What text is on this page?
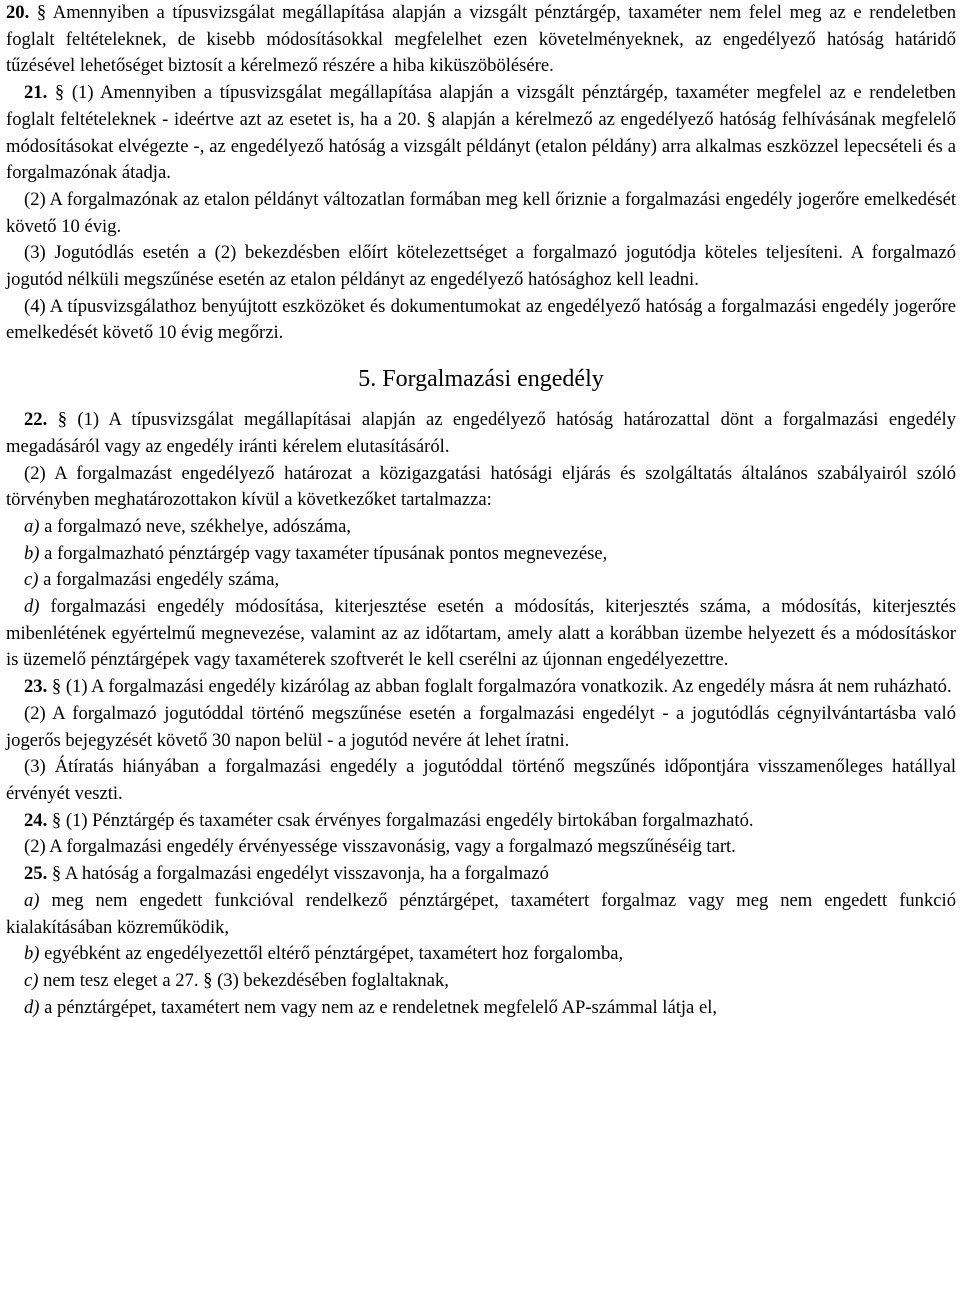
20. § Amennyiben a típusvizsgálat megállapítása alapján a vizsgált pénztárgép, taxaméter nem felel meg az e rendeletben foglalt feltételeknek, de kisebb módosításokkal megfelelhet ezen követelményeknek, az engedélyező hatóság határidő tűzésével lehetőséget biztosít a kérelmező részére a hiba kiküszöbölésére.

21. § (1) Amennyiben a típusvizsgálat megállapítása alapján a vizsgált pénztárgép, taxaméter megfelel az e rendeletben foglalt feltételeknek - ideértve azt az esetet is, ha a 20. § alapján a kérelmező az engedélyező hatóság felhívásának megfelelő módosításokat elvégezte -, az engedélyező hatóság a vizsgált példányt (etalon példány) arra alkalmas eszközzel lepecsételi és a forgalmazónak átadja.

(2) A forgalmazónak az etalon példányt változatlan formában meg kell őriznie a forgalmazási engedély jogerőre emelkedését követő 10 évig.

(3) Jogutódlás esetén a (2) bekezdésben előírt kötelezettséget a forgalmazó jogutódja köteles teljesíteni. A forgalmazó jogutód nélküli megszűnése esetén az etalon példányt az engedélyező hatósághoz kell leadni.

(4) A típusvizsgálathoz benyújtott eszközöket és dokumentumokat az engedélyező hatóság a forgalmazási engedély jogerőre emelkedését követő 10 évig megőrzi.

5. Forgalmazási engedély

22. § (1) A típusvizsgálat megállapításai alapján az engedélyező hatóság határozattal dönt a forgalmazási engedély megadásáról vagy az engedély iránti kérelem elutasításáról.

(2) A forgalmazást engedélyező határozat a közigazgatási hatósági eljárás és szolgáltatás általános szabályairól szóló törvényben meghatározottakon kívül a következőket tartalmazza:

a) a forgalmazó neve, székhelye, adószáma,

b) a forgalmazható pénztárgép vagy taxaméter típusának pontos megnevezése,

c) a forgalmazási engedély száma,

d) forgalmazási engedély módosítása, kiterjesztése esetén a módosítás, kiterjesztés száma, a módosítás, kiterjesztés mibenlétének egyértelmű megnevezése, valamint az az időtartam, amely alatt a korábban üzembe helyezett és a módosításkor is üzemelő pénztárgépek vagy taxaméterek szoftverét le kell cserélni az újonnan engedélyezettre.

23. § (1) A forgalmazási engedély kizárólag az abban foglalt forgalmazóra vonatkozik. Az engedély másra át nem ruházható.

(2) A forgalmazó jogutóddal történő megszűnése esetén a forgalmazási engedélyt - a jogutódlás cégnyilvántartásba való jogerős bejegyzését követő 30 napon belül - a jogutód nevére át lehet íratni.

(3) Átíratás hiányában a forgalmazási engedély a jogutóddal történő megszűnés időpontjára visszamenőleges hatállyal érvényét veszti.

24. § (1) Pénztárgép és taxaméter csak érvényes forgalmazási engedély birtokában forgalmazható.

(2) A forgalmazási engedély érvényessége visszavonásig, vagy a forgalmazó megszűnéséig tart.

25. § A hatóság a forgalmazási engedélyt visszavonja, ha a forgalmazó

a) meg nem engedett funkcióval rendelkező pénztárgépet, taxamétert forgalmaz vagy meg nem engedett funkció kialakításában közreműködik,

b) egyébként az engedélyezettől eltérő pénztárgépet, taxamétert hoz forgalomba,

c) nem tesz eleget a 27. § (3) bekezdésében foglaltaknak,

d) a pénztárgépet, taxamétert nem vagy nem az e rendeletnek megfelelő AP-számmal látja el,
